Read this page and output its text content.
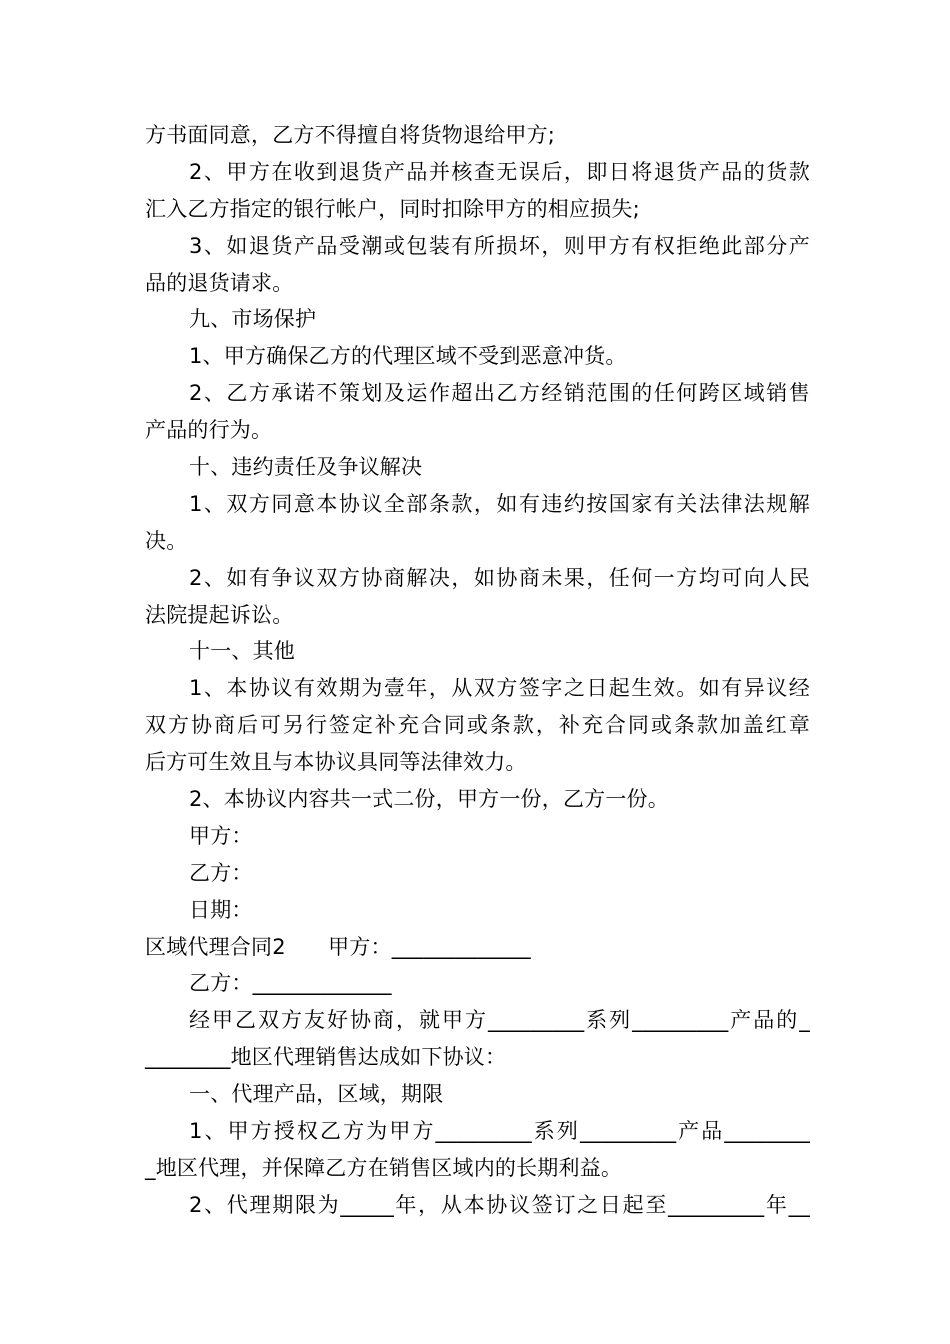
方书面同意，乙方不得擅自将货物退给甲方;
2、甲方在收到退货产品并核查无误后，即日将退货产品的货款
汇入乙方指定的银行帐户，同时扣除甲方的相应损失;
3、如退货产品受潮或包装有所损坏，则甲方有权拒绝此部分产
品的退货请求。
九、市场保护
1、甲方确保乙方的代理区域不受到恶意冲货。
2、乙方承诺不策划及运作超出乙方经销范围的任何跨区域销售
产品的行为。
十、违约责任及争议解决
1、双方同意本协议全部条款，如有违约按国家有关法律法规解
决。
2、如有争议双方协商解决，如协商未果，任何一方均可向人民
法院提起诉讼。
十一、其他
1、本协议有效期为壹年，从双方签字之日起生效。如有异议经
双方协商后可另行签定补充合同或条款，补充合同或条款加盖红章
后方可生效且与本协议具同等法律效力。
2、本协议内容共一式二份，甲方一份，乙方一份。
甲方：
乙方：
日期：
区域代理合同2　　甲方：_____________
乙方：_____________
经甲乙双方友好协商，就甲方_________系列_________产品的_
________地区代理销售达成如下协议：
一、代理产品，区域，期限
1、甲方授权乙方为甲方_________系列_________产品________
_地区代理，并保障乙方在销售区域内的长期利益。
2、代理期限为_____年，从本协议签订之日起至_________年__
